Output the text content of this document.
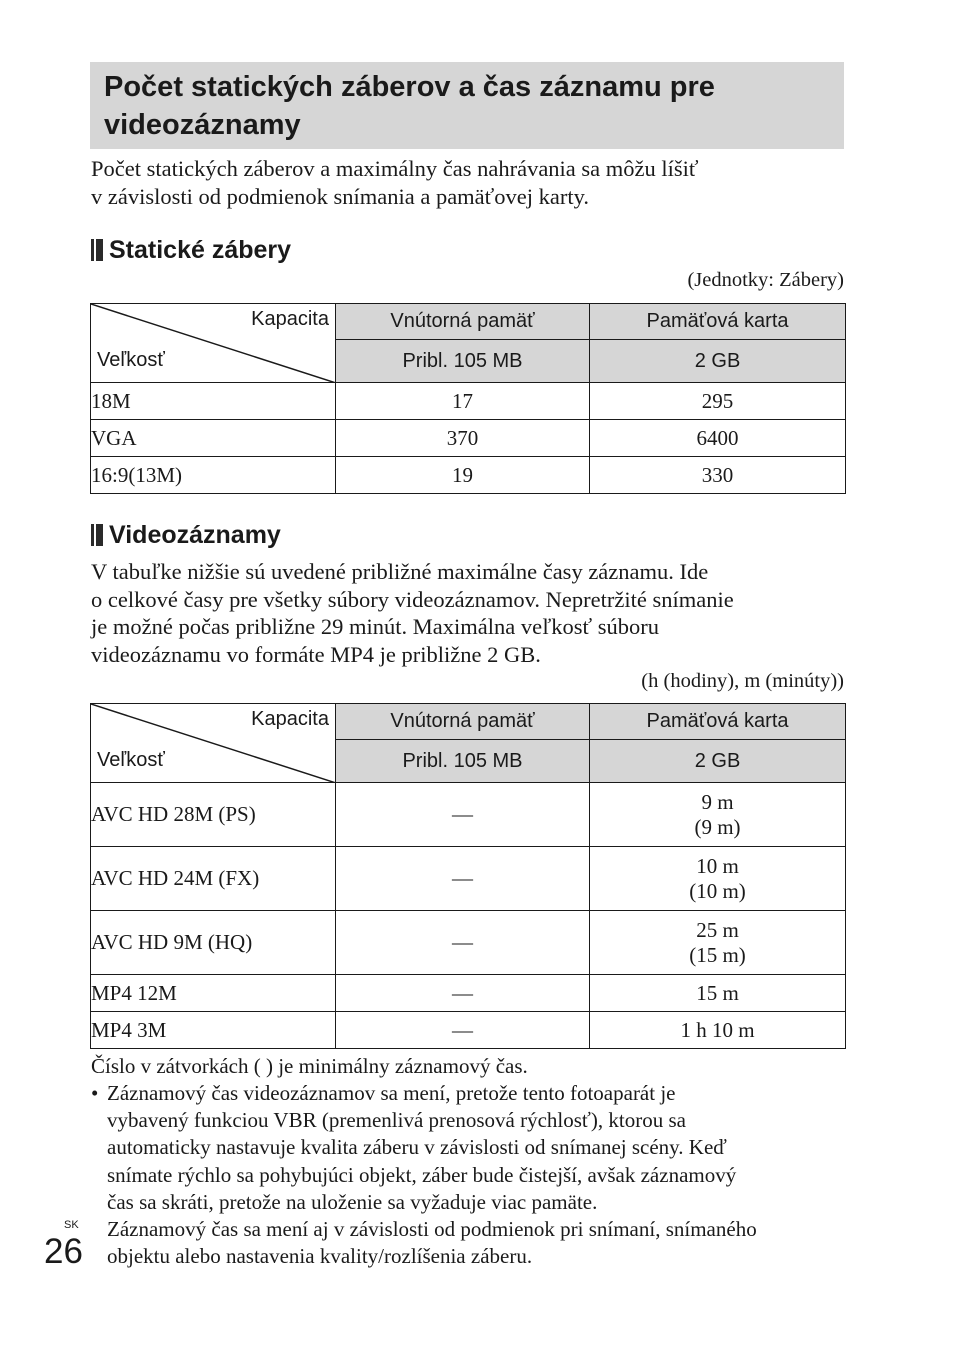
Počet statických záberov a čas záznamu pre videozáznamy
Počet statických záberov a maximálny čas nahrávania sa môžu líšiť
v závislosti od podmienok snímania a pamäťovej karty.
Statické zábery
(Jednotky: Zábery)
Kapacita
Veľkosť	Vnútorná pamäť	Pamäťová karta
	Pribl. 105 MB	2 GB
18M	17	295
VGA	370	6400
16:9(13M)	19	330
Videozáznamy
V tabuľke nižšie sú uvedené približné maximálne časy záznamu. Ide
o celkové časy pre všetky súbory videozáznamov. Nepretržité snímanie
je možné počas približne 29 minút. Maximálna veľkosť súboru
videozáznamu vo formáte MP4 je približne 2 GB.
(h (hodiny), m (minúty))
Kapacita
Veľkosť	Vnútorná pamäť	Pamäťová karta
	Pribl. 105 MB	2 GB
AVC HD 28M (PS)	—	9 m
(9 m)

AVC HD 24M (FX)	—	10 m
(10 m)

AVC HD 9M (HQ)	—	25 m
(15 m)

MP4 12M	—	15 m
MP4 3M	—	1 h 10 m
Číslo v zátvorkách ( ) je minimálny záznamový čas.
• Záznamový čas videozáznamov sa mení, pretože tento fotoaparát je
vybavený funkciou VBR (premenlivá prenosová rýchlosť), ktorou sa
automaticky nastavuje kvalita záberu v závislosti od snímanej scény. Keď
snímate rýchlo sa pohybujúci objekt, záber bude čistejší, avšak záznamový
čas sa skráti, pretože na uloženie sa vyžaduje viac pamäte.
Záznamový čas sa mení aj v závislosti od podmienok pri snímaní, snímaného
objektu alebo nastavenia kvality/rozlíšenia záberu.
SK
26
